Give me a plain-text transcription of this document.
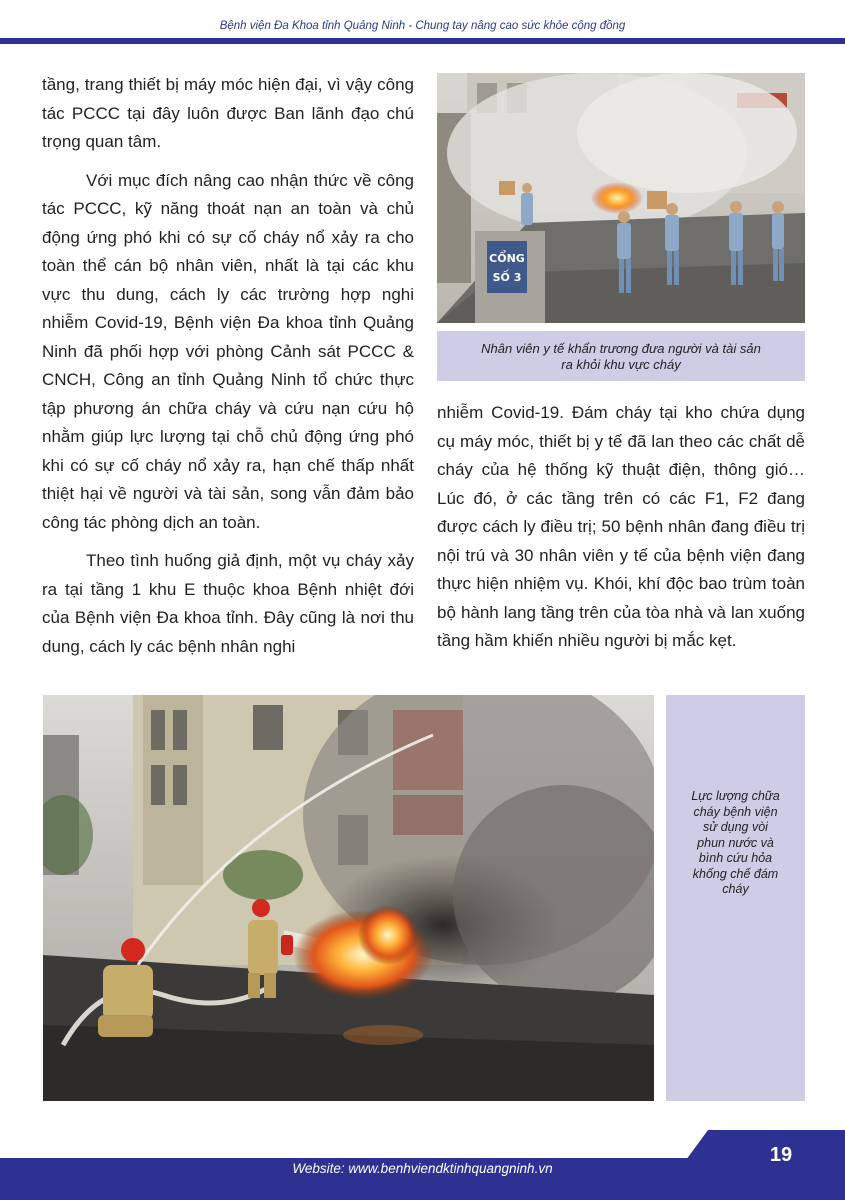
Bệnh viện Đa Khoa tỉnh Quảng Ninh - Chung tay nâng cao sức khỏe cộng đồng

tầng, trang thiết bị máy móc hiện đại, vì vậy công tác PCCC tại đây luôn được Ban lãnh đạo chú trọng quan tâm.

Với mục đích nâng cao nhận thức về công tác PCCC, kỹ năng thoát nạn an toàn và chủ động ứng phó khi có sự cố cháy nổ xảy ra cho toàn thể cán bộ nhân viên, nhất là tại các khu vực thu dung, cách ly các trường hợp nghi nhiễm Covid-19, Bệnh viện Đa khoa tỉnh Quảng Ninh đã phối hợp với phòng Cảnh sát PCCC & CNCH, Công an tỉnh Quảng Ninh tổ chức thực tập phương án chữa cháy và cứu nạn cứu hộ nhằm giúp lực lượng tại chỗ chủ động ứng phó khi có sự cố cháy nổ xảy ra, hạn chế thấp nhất thiệt hại về người và tài sản, song vẫn đảm bảo công tác phòng dịch an toàn.

Theo tình huống giả định, một vụ cháy xảy ra tại tầng 1 khu E thuộc khoa Bệnh nhiệt đới của Bệnh viện Đa khoa tỉnh. Đây cũng là nơi thu dung, cách ly các bệnh nhân nghi

CỔNG
SỐ 3
Nhân viên y tế khẩn trương đưa người và tài sản
ra khỏi khu vực cháy

nhiễm Covid-19. Đám cháy tại kho chứa dụng cụ máy móc, thiết bị y tế đã lan theo các chất dễ cháy của hệ thống kỹ thuật điện, thông gió… Lúc đó, ở các tầng trên có các F1, F2 đang được cách ly điều trị; 50 bệnh nhân đang điều trị nội trú và 30 nhân viên y tế của bệnh viện đang thực hiện nhiệm vụ. Khói, khí độc bao trùm toàn bộ hành lang tầng trên của tòa nhà và lan xuống tầng hầm khiến nhiều người bị mắc kẹt.

Lực lượng chữa cháy bệnh viện sử dụng vòi phun nước và bình cứu hỏa khống chế đám cháy
Website: www.benhviendktinhquangninh.vn
19
